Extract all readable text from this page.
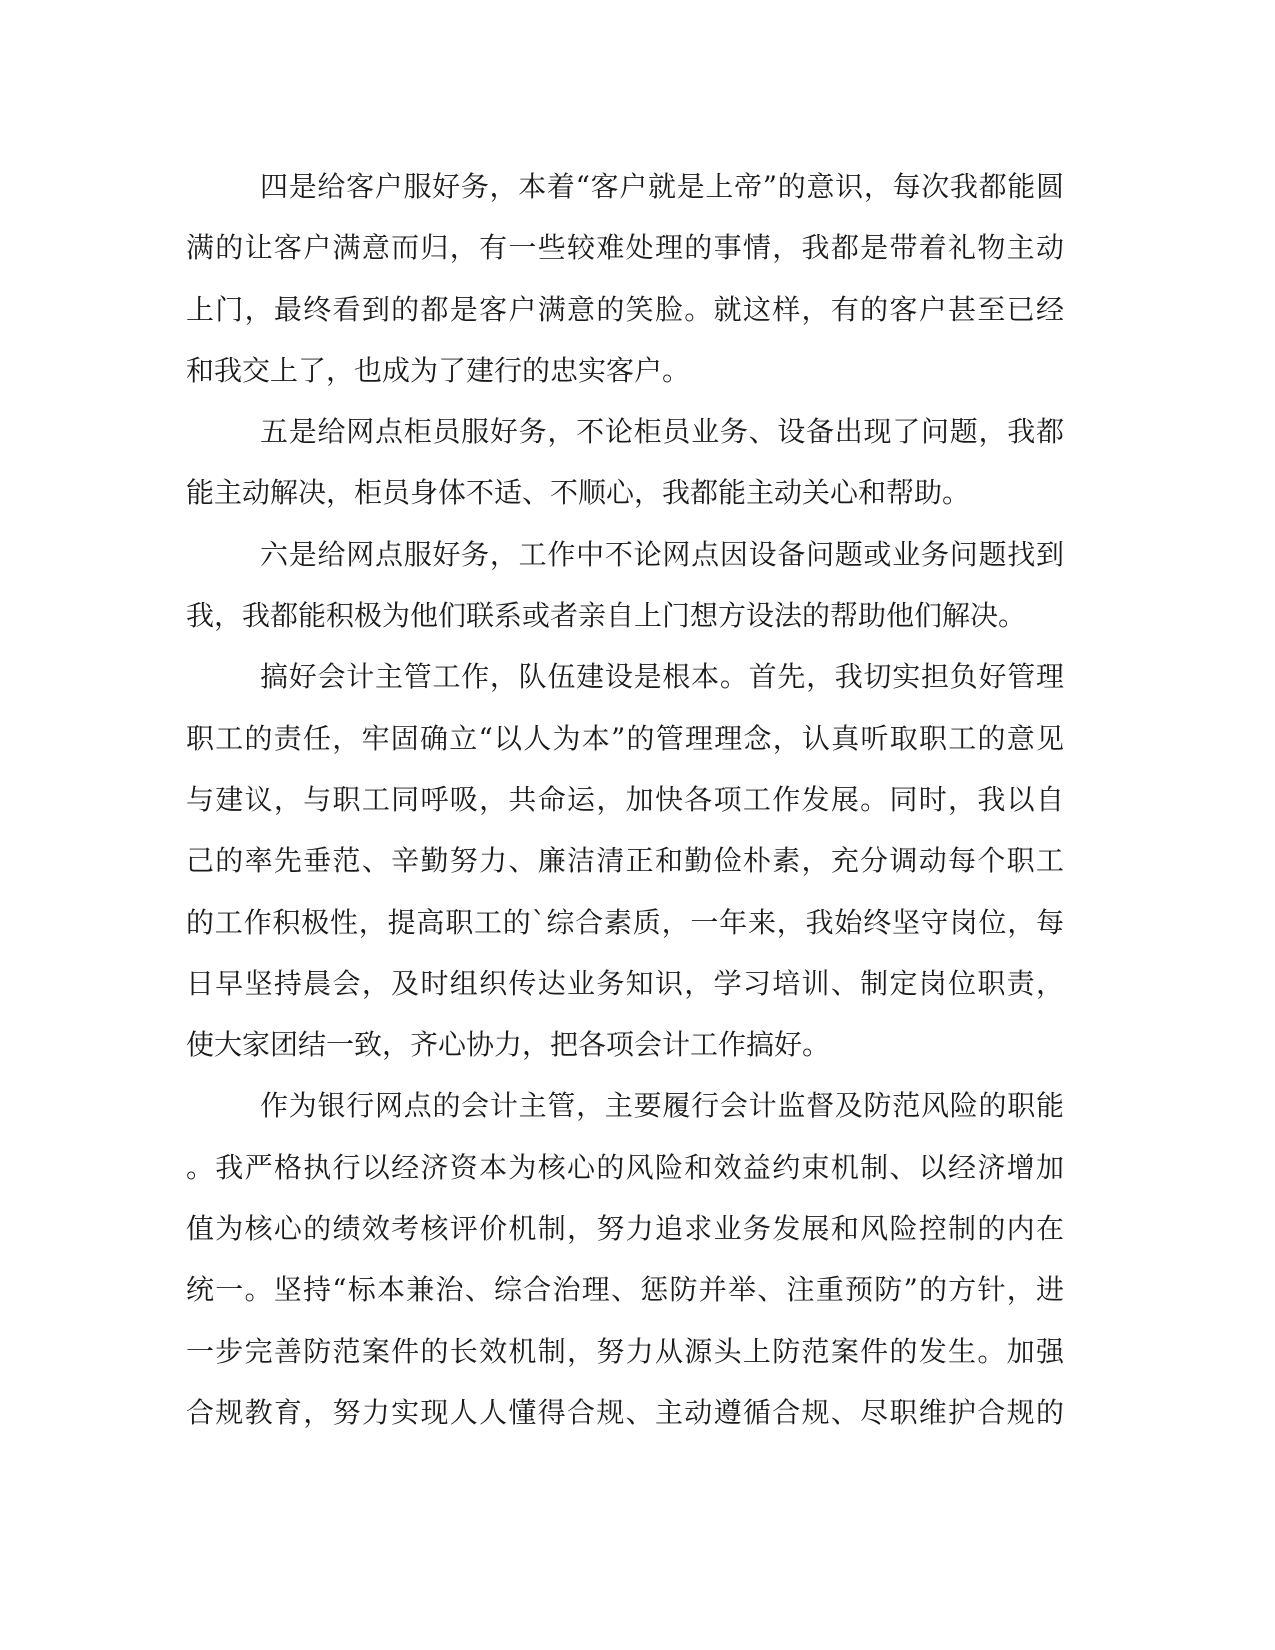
四是给客户服好务，本着“客户就是上帝”的意识，每次我都能圆
满的让客户满意而归，有一些较难处理的事情，我都是带着礼物主动
上门，最终看到的都是客户满意的笑脸。就这样，有的客户甚至已经
和我交上了，也成为了建行的忠实客户。
五是给网点柜员服好务，不论柜员业务、设备出现了问题，我都
能主动解决，柜员身体不适、不顺心，我都能主动关心和帮助。
六是给网点服好务，工作中不论网点因设备问题或业务问题找到
我，我都能积极为他们联系或者亲自上门想方设法的帮助他们解决。
搞好会计主管工作，队伍建设是根本。首先，我切实担负好管理
职工的责任，牢固确立“以人为本”的管理理念，认真听取职工的意见
与建议，与职工同呼吸，共命运，加快各项工作发展。同时，我以自
己的率先垂范、辛勤努力、廉洁清正和勤俭朴素，充分调动每个职工
的工作积极性，提高职工的`综合素质，一年来，我始终坚守岗位，每
日早坚持晨会，及时组织传达业务知识，学习培训、制定岗位职责，
使大家团结一致，齐心协力，把各项会计工作搞好。
作为银行网点的会计主管，主要履行会计监督及防范风险的职能
。我严格执行以经济资本为核心的风险和效益约束机制、以经济增加
值为核心的绩效考核评价机制，努力追求业务发展和风险控制的内在
统一。坚持“标本兼治、综合治理、惩防并举、注重预防”的方针，进
一步完善防范案件的长效机制，努力从源头上防范案件的发生。加强
合规教育，努力实现人人懂得合规、主动遵循合规、尽职维护合规的
